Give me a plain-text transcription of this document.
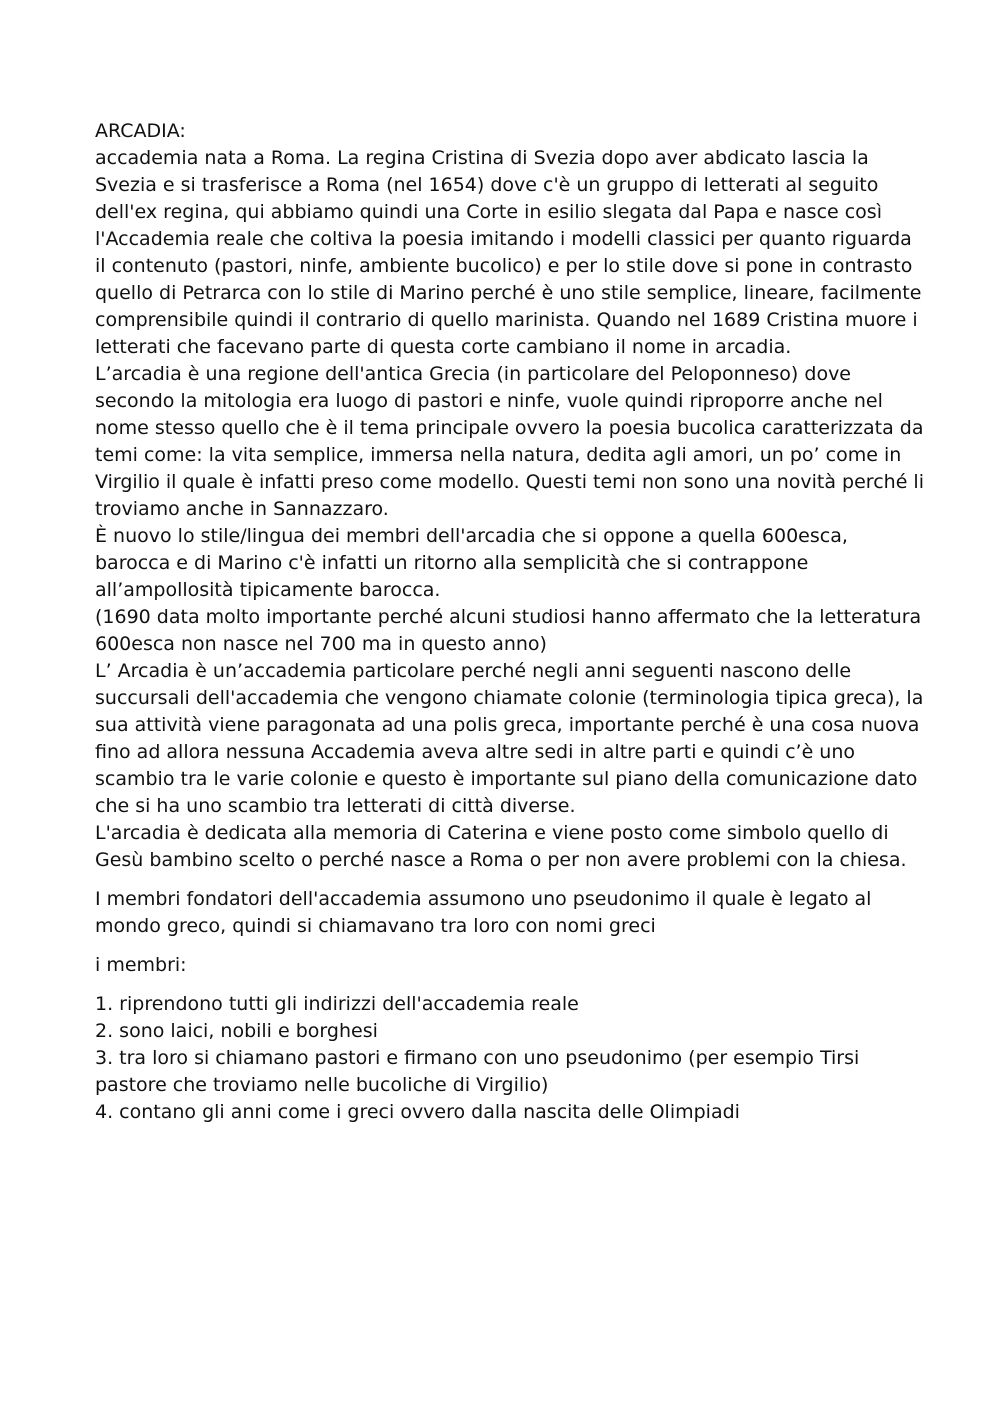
ARCADIA:

accademia nata a Roma. La regina Cristina di Svezia dopo aver abdicato lascia la Svezia e si trasferisce a Roma (nel 1654) dove c'è un gruppo di letterati al seguito dell'ex regina, qui abbiamo quindi una Corte in esilio slegata dal Papa e nasce così l'Accademia reale che coltiva la poesia imitando i modelli classici per quanto riguarda il contenuto (pastori, ninfe, ambiente bucolico) e per lo stile dove si pone in contrasto quello di Petrarca con lo stile di Marino perché è uno stile semplice, lineare, facilmente comprensibile quindi il contrario di quello marinista. Quando nel 1689 Cristina muore i letterati che facevano parte di questa corte cambiano il nome in arcadia.

L’arcadia è una regione dell'antica Grecia (in particolare del Peloponneso) dove secondo la mitologia era luogo di pastori e ninfe, vuole quindi riproporre anche nel nome stesso quello che è il tema principale ovvero la poesia bucolica caratterizzata da temi come: la vita semplice, immersa nella natura, dedita agli amori, un po’ come in Virgilio il quale è infatti preso come modello. Questi temi non sono una novità perché li troviamo anche in Sannazzaro.

È nuovo lo stile/lingua dei membri dell'arcadia che si oppone a quella 600esca, barocca e di Marino c'è infatti un ritorno alla semplicità che si contrappone all’ampollosità tipicamente barocca.

(1690 data molto importante perché alcuni studiosi hanno affermato che la letteratura 600esca non nasce nel 700 ma in questo anno)

L’ Arcadia è un’accademia particolare perché negli anni seguenti nascono delle succursali dell'accademia che vengono chiamate colonie (terminologia tipica greca), la sua attività viene paragonata ad una polis greca, importante perché è una cosa nuova fino ad allora nessuna Accademia aveva altre sedi in altre parti e quindi c’è uno scambio tra le varie colonie e questo è importante sul piano della comunicazione dato che si ha uno scambio tra letterati di città diverse.

L'arcadia è dedicata alla memoria di Caterina e viene posto come simbolo quello di Gesù bambino scelto o perché nasce a Roma o per non avere problemi con la chiesa.

I membri fondatori dell'accademia assumono uno pseudonimo il quale è legato al mondo greco, quindi si chiamavano tra loro con nomi greci

i membri:

1. riprendono tutti gli indirizzi dell'accademia reale

2. sono laici, nobili e borghesi

3. tra loro si chiamano pastori e firmano con uno pseudonimo (per esempio Tirsi pastore che troviamo nelle bucoliche di Virgilio)

4. contano gli anni come i greci ovvero dalla nascita delle Olimpiadi
